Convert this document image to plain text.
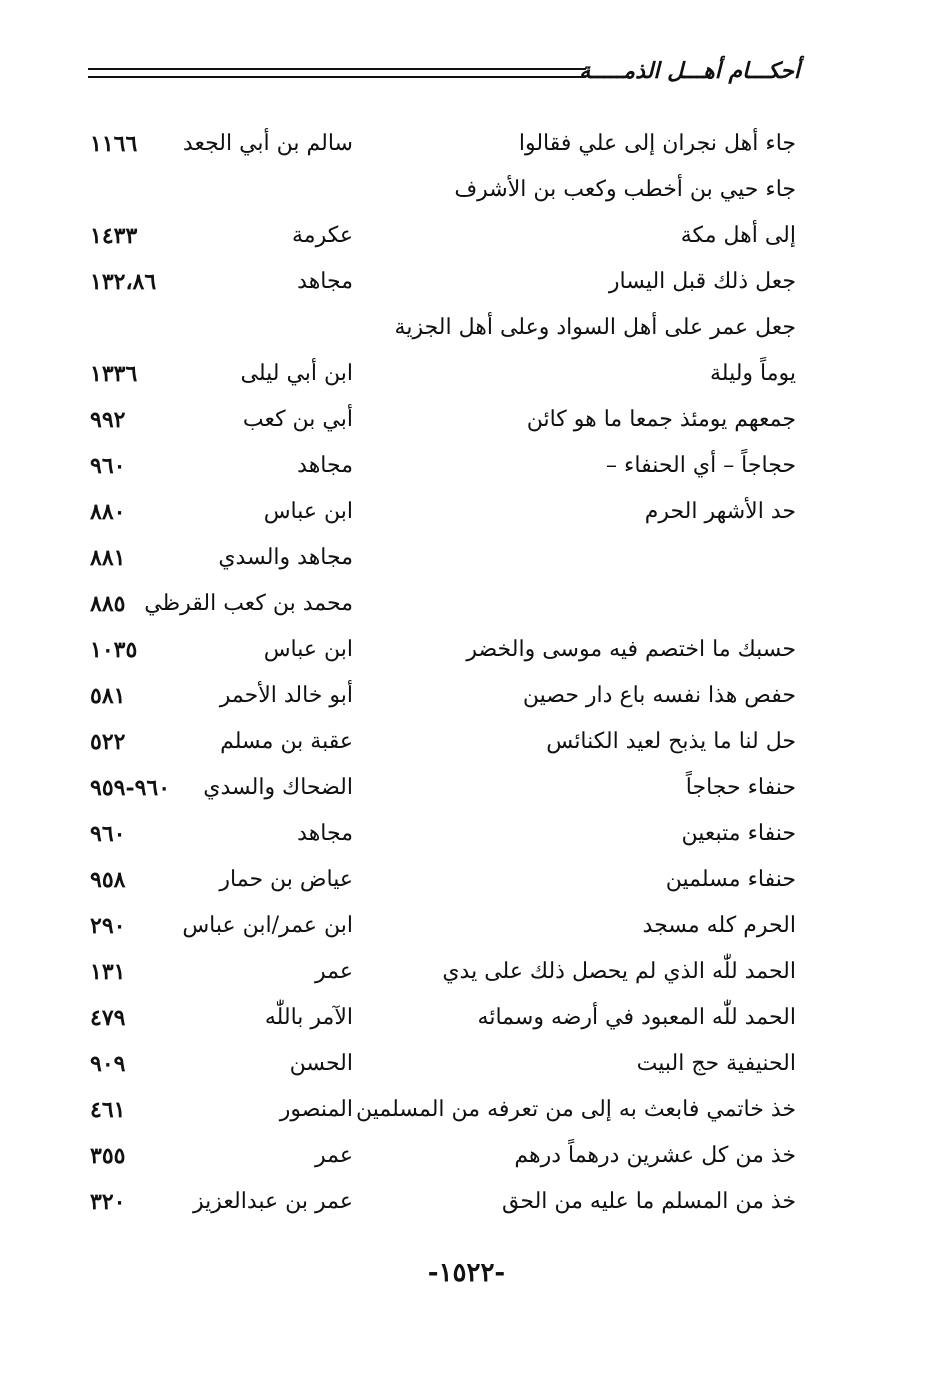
أحكـــام أهـــل الذمـــــة
جاء أهل نجران إلى علي فقالوا
سالم بن أبي الجعد
١١٦٦
جاء حيي بن أخطب وكعب بن الأشرف
إلى أهل مكة
عكرمة
١٤٣٣
جعل ذلك قبل اليسار
مجاهد
١٣٢،٨٦
جعل عمر على أهل السواد وعلى أهل الجزية
يوماً وليلة
ابن أبي ليلى
١٣٣٦
جمعهم يومئذ جمعا ما هو كائن
أبي بن كعب
٩٩٢
حجاجاً – أي الحنفاء –
مجاهد
٩٦٠
حد الأشهر الحرم
ابن عباس
٨٨٠
مجاهد والسدي
٨٨١
محمد بن كعب القرظي
٨٨٥
حسبك ما اختصم فيه موسى والخضر
ابن عباس
١٠٣٥
حفص هذا نفسه باع دار حصين
أبو خالد الأحمر
٥٨١
حل لنا ما يذبح لعيد الكنائس
عقبة بن مسلم
٥٢٢
حنفاء حجاجاً
الضحاك والسدي
٩٦٠-٩٥٩
حنفاء متبعين
مجاهد
٩٦٠
حنفاء مسلمين
عياض بن حمار
٩٥٨
الحرم كله مسجد
ابن عمر/ابن عباس
٢٩٠
الحمد للّٰه الذي لم يحصل ذلك على يدي
عمر
١٣١
الحمد للّٰه المعبود في أرضه وسمائه
الآمر باللّٰه
٤٧٩
الحنيفية حج البيت
الحسن
٩٠٩
خذ خاتمي فابعث به إلى من تعرفه من المسلمين
المنصور
٤٦١
خذ من كل عشرين درهماً درهم
عمر
٣٥٥
خذ من المسلم ما عليه من الحق
عمر بن عبدالعزيز
٣٢٠
-١٥٢٢-
